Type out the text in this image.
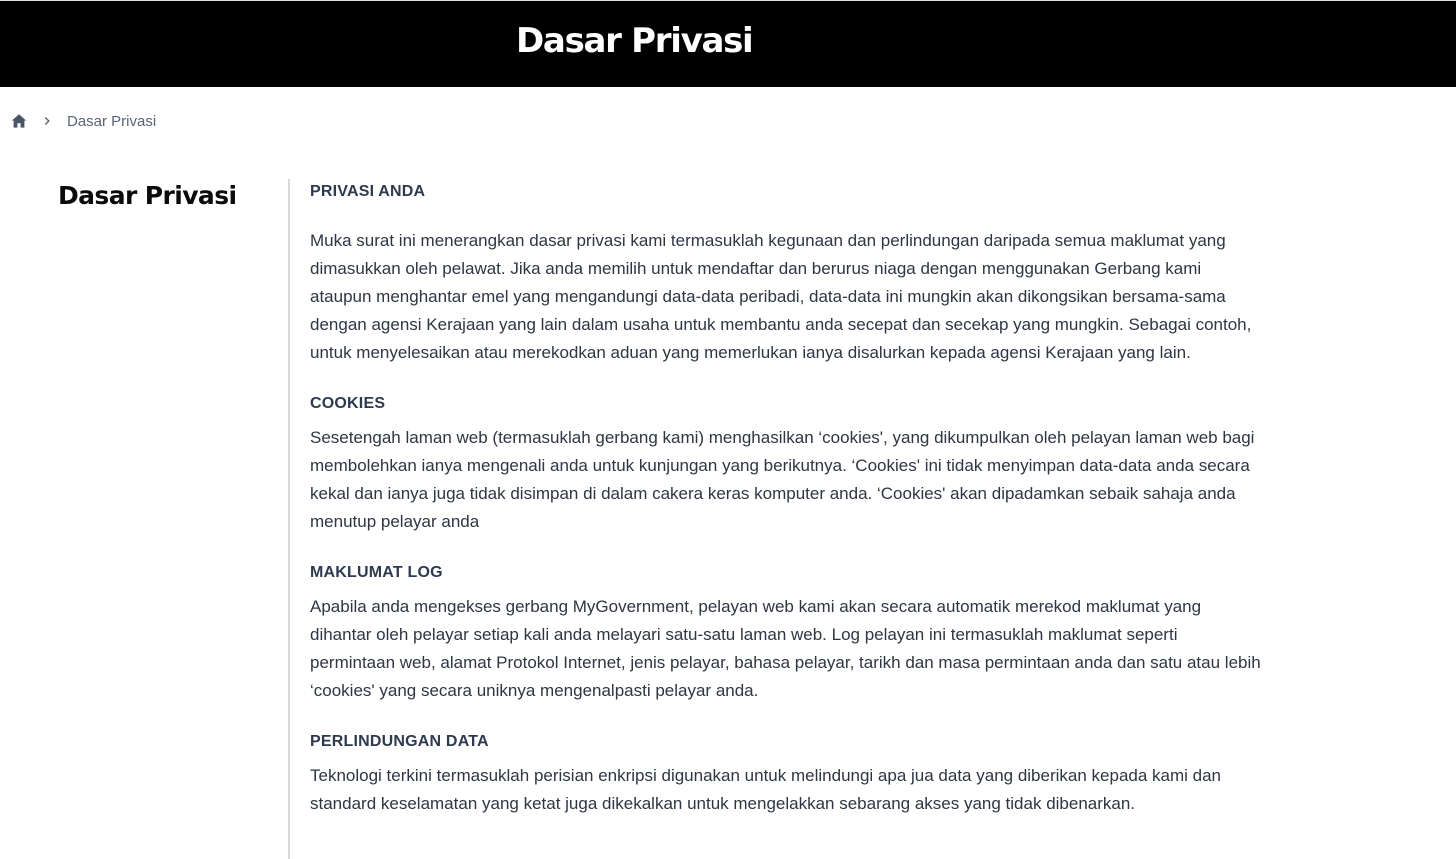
Dasar Privasi
Dasar Privasi
Dasar Privasi	PRIVASI ANDA

Muka surat ini menerangkan dasar privasi kami termasuklah kegunaan dan perlindungan daripada semua maklumat yang dimasukkan oleh pelawat. Jika anda memilih untuk mendaftar dan berurus niaga dengan menggunakan Gerbang kami ataupun menghantar emel yang mengandungi data-data peribadi, data-data ini mungkin akan dikongsikan bersama-sama dengan agensi Kerajaan yang lain dalam usaha untuk membantu anda secepat dan secekap yang mungkin. Sebagai contoh, untuk menyelesaikan atau merekodkan aduan yang memerlukan ianya disalurkan kepada agensi Kerajaan yang lain.

COOKIES

Sesetengah laman web (termasuklah gerbang kami) menghasilkan ‘cookies', yang dikumpulkan oleh pelayan laman web bagi membolehkan ianya mengenali anda untuk kunjungan yang berikutnya. ‘Cookies' ini tidak menyimpan data-data anda secara kekal dan ianya juga tidak disimpan di dalam cakera keras komputer anda. ‘Cookies' akan dipadamkan sebaik sahaja anda menutup pelayar anda

MAKLUMAT LOG

Apabila anda mengekses gerbang MyGovernment, pelayan web kami akan secara automatik merekod maklumat yang dihantar oleh pelayar setiap kali anda melayari satu-satu laman web. Log pelayan ini termasuklah maklumat seperti permintaan web, alamat Protokol Internet, jenis pelayar, bahasa pelayar, tarikh dan masa permintaan anda dan satu atau lebih ‘cookies' yang secara uniknya mengenalpasti pelayar anda.

PERLINDUNGAN DATA

Teknologi terkini termasuklah perisian enkripsi digunakan untuk melindungi apa jua data yang diberikan kepada kami dan standard keselamatan yang ketat juga dikekalkan untuk mengelakkan sebarang akses yang tidak dibenarkan.
